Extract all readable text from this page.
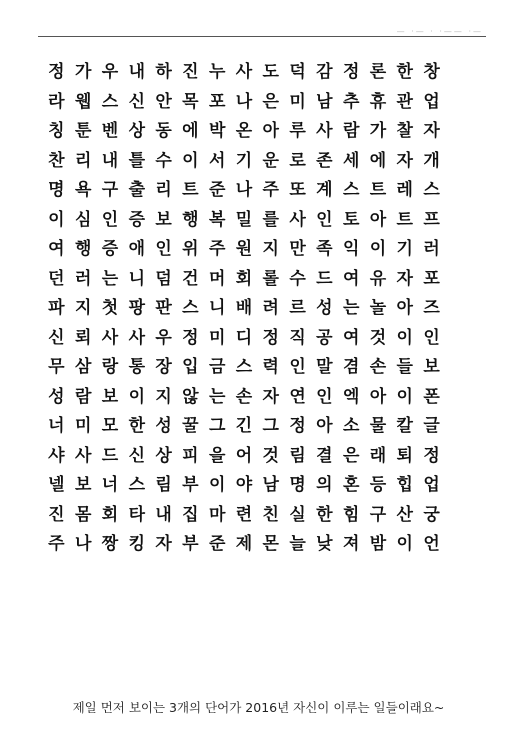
— ·— · ·—— ·—
정 가 우 내 하 진 누 사 도 덕 감 정 론 한 창
라 웹 스 신 안 목 포 나 은 미 남 추 휴 관 업
칭 툰 벤 상 동 에 박 온 아 루 사 람 가 찰 자
찬 리 내 틀 수 이 서 기 운 로 존 세 에 자 개
명 욕 구 출 리 트 준 나 주 또 계 스 트 레 스
이 심 인 증 보 행 복 밀 를 사 인 토 아 트 프
여 행 증 애 인 위 주 원 지 만 족 익 이 기 러
던 러 는 니 덤 건 머 회 롤 수 드 여 유 자 포
파 지 첫 팡 판 스 니 배 려 르 성 는 놀 아 즈
신 뢰 사 사 우 정 미 디 정 직 공 여 것 이 인
무 삼 랑 통 장 입 금 스 력 인 말 겸 손 들 보
성 람 보 이 지 않 는 손 자 연 인 엑 아 이 폰
너 미 모 한 성 꿀 그 긴 그 정 아 소 물 칼 글
샤 사 드 신 상 피 을 어 것 림 결 은 래 퇴 정
넬 보 너 스 림 부 이 야 남 명 의 혼 등 힙 업
진 몸 회 타 내 집 마 련 친 실 한 힘 구 산 궁
주 나 짱 킹 자 부 준 제 몬 늘 낮 져 밤 이 언
제일 먼저 보이는 3개의 단어가 2016년 자신이 이루는 일들이래요~
